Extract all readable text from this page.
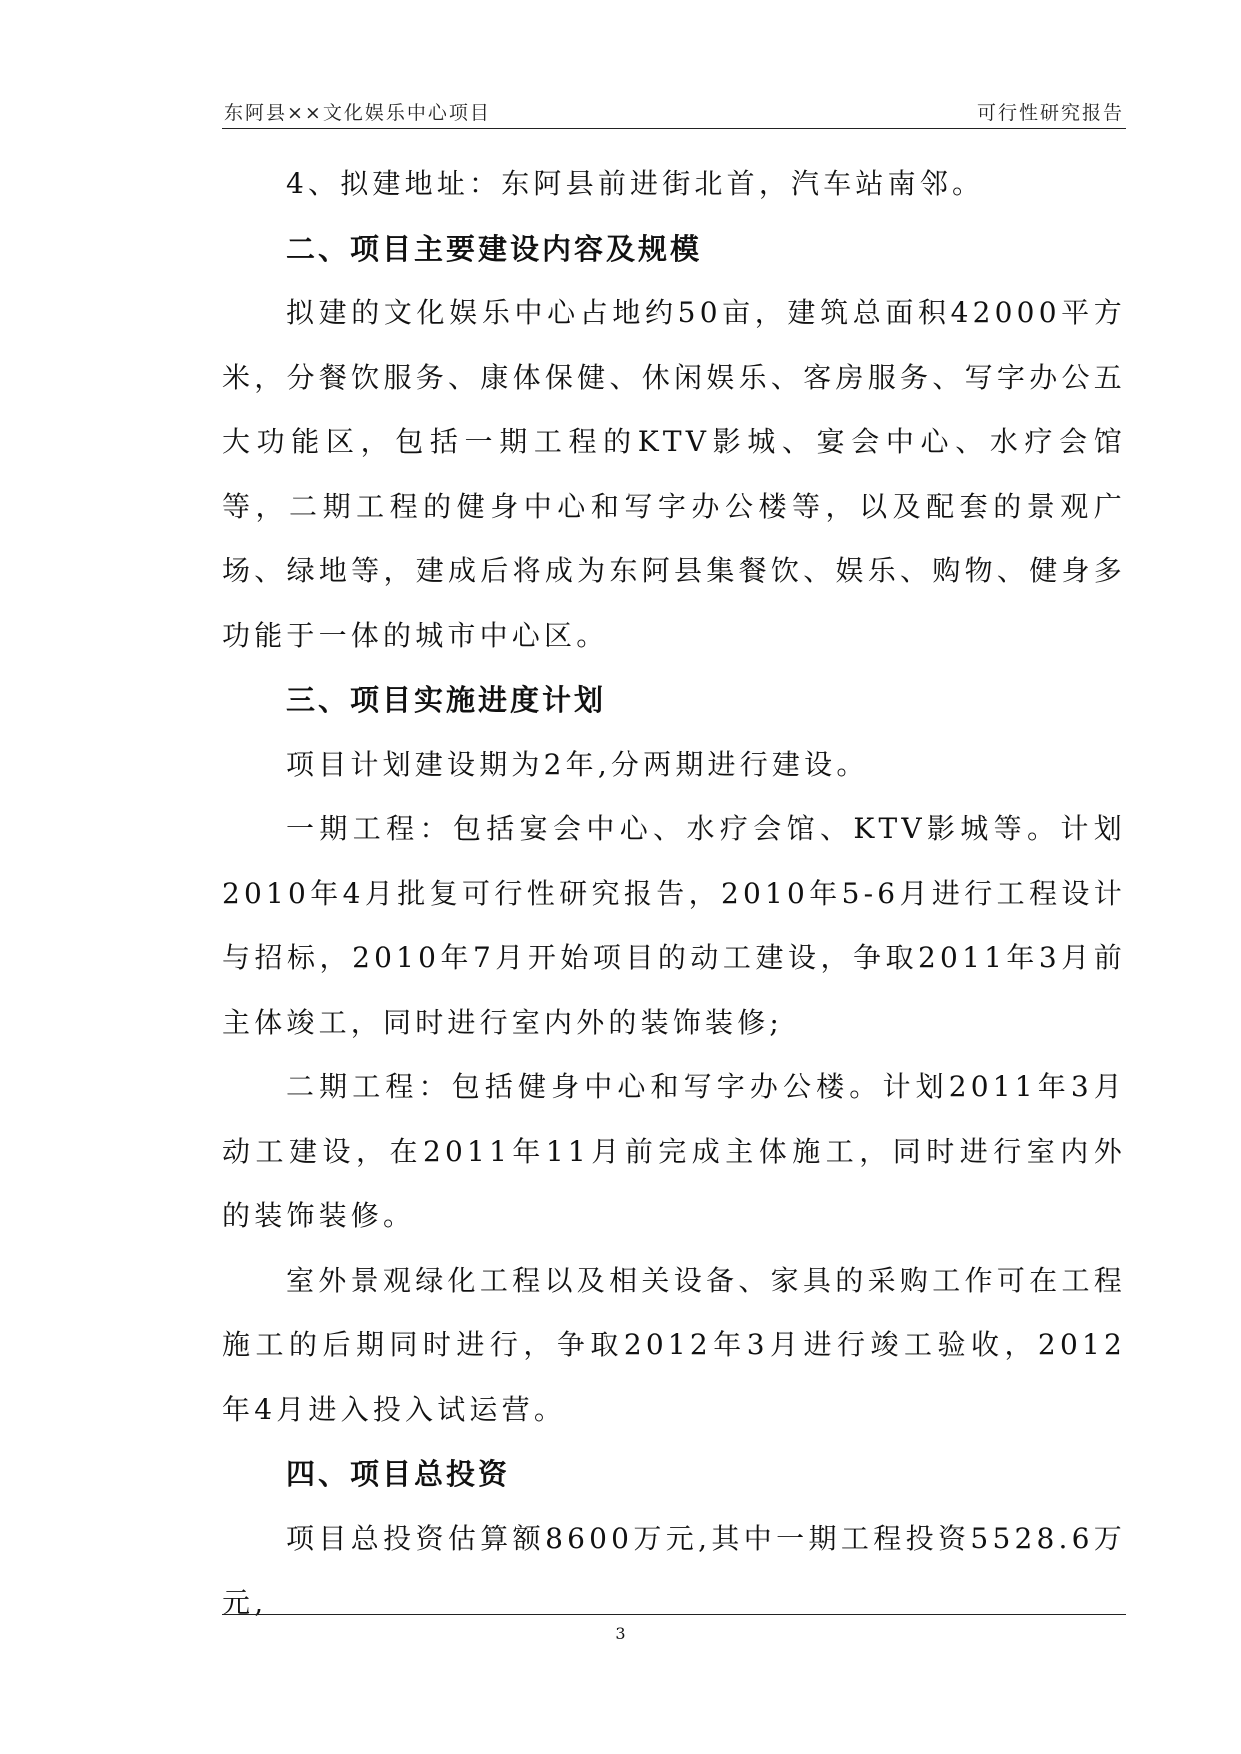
东阿县××文化娱乐中心项目	可行性研究报告

4、拟建地址：东阿县前进街北首，汽车站南邻。

二、项目主要建设内容及规模

拟建的文化娱乐中心占地约50亩，建筑总面积42000平方米，分餐饮服务、康体保健、休闲娱乐、客房服务、写字办公五大功能区，包括一期工程的KTV影城、宴会中心、水疗会馆等，二期工程的健身中心和写字办公楼等，以及配套的景观广场、绿地等，建成后将成为东阿县集餐饮、娱乐、购物、健身多功能于一体的城市中心区。

三、项目实施进度计划

项目计划建设期为2年,分两期进行建设。

一期工程：包括宴会中心、水疗会馆、KTV影城等。计划2010年4月批复可行性研究报告，2010年5-6月进行工程设计与招标，2010年7月开始项目的动工建设，争取2011年3月前主体竣工，同时进行室内外的装饰装修;

二期工程：包括健身中心和写字办公楼。计划2011年3月动工建设，在2011年11月前完成主体施工，同时进行室内外的装饰装修。

室外景观绿化工程以及相关设备、家具的采购工作可在工程施工的后期同时进行，争取2012年3月进行竣工验收，2012年4月进入投入试运营。

四、项目总投资

项目总投资估算额8600万元,其中一期工程投资5528.6万元,

3
